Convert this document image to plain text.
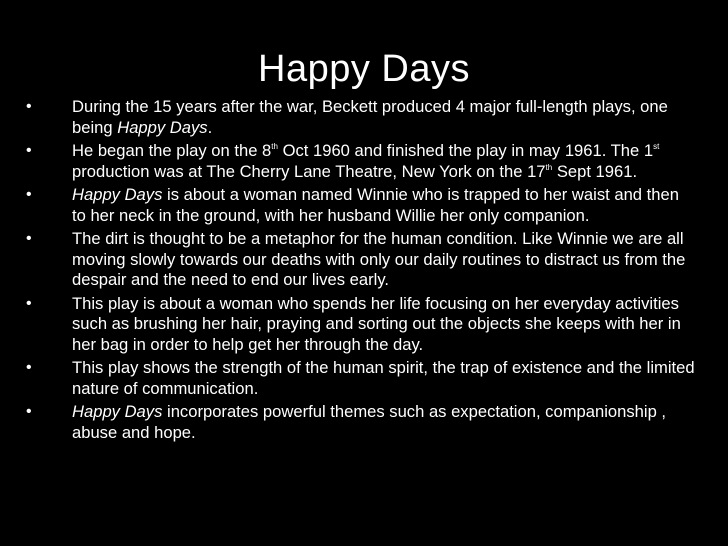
Happy Days
•	During the 15 years after the war, Beckett produced 4 major full-length plays, one being Happy Days.
•	He began the play on the 8th Oct 1960 and finished the play in may 1961. The 1st production was at The Cherry Lane Theatre, New York on the 17th Sept 1961.
•	Happy Days is about a woman named Winnie who is trapped to her waist and then to her neck in the ground, with her husband Willie her only companion.
•	The dirt is thought to be a metaphor for the human condition. Like Winnie we are all moving slowly towards our deaths with only our daily routines to distract us from the despair and the need to end our lives early.
•	This play is about a woman who spends her life focusing on her everyday activities such as brushing her hair, praying and sorting out the objects she keeps with her in her bag in order to help get her through the day.
•	This play shows the strength of the human spirit, the trap of existence and the limited nature of communication.
•	Happy Days incorporates powerful themes such as expectation, companionship , abuse and hope.
